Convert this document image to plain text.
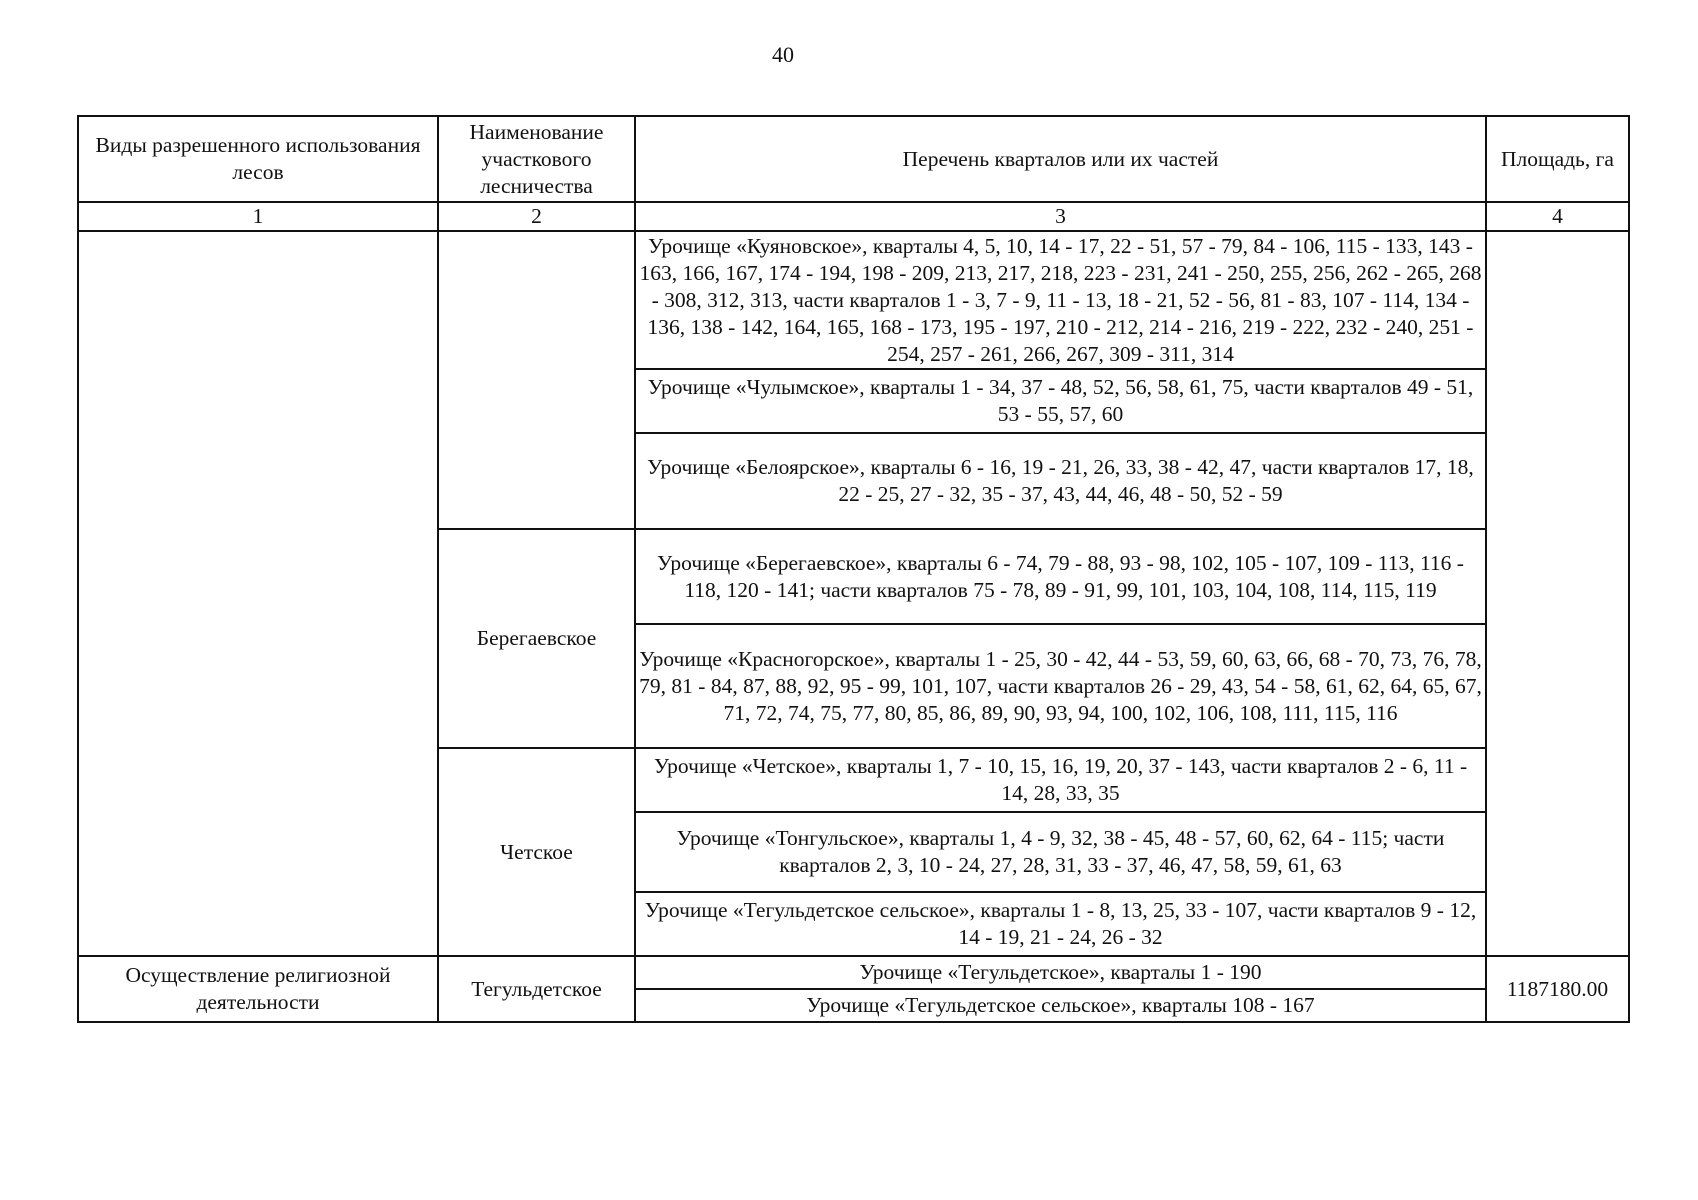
40
Виды разрешенного использования лесов	Наименование участкового лесничества	Перечень кварталов или их частей	Площадь, га
1	2	3	4
		Урочище «Куяновское», кварталы 4, 5, 10, 14 - 17, 22 - 51, 57 - 79, 84 - 106, 115 - 133, 143 - 163, 166, 167, 174 - 194, 198 - 209, 213, 217, 218, 223 - 231, 241 - 250, 255, 256, 262 - 265, 268 - 308, 312, 313, части кварталов 1 - 3, 7 - 9, 11 - 13, 18 - 21, 52 - 56, 81 - 83, 107 - 114, 134 - 136, 138 - 142, 164, 165, 168 - 173, 195 - 197, 210 - 212, 214 - 216, 219 - 222, 232 - 240, 251 - 254, 257 - 261, 266, 267, 309 - 311, 314	
		Урочище «Чулымское», кварталы 1 - 34, 37 - 48, 52, 56, 58, 61, 75, части кварталов 49 - 51, 53 - 55, 57, 60	
		Урочище «Белоярское», кварталы 6 - 16, 19 - 21, 26, 33, 38 - 42, 47, части кварталов 17, 18, 22 - 25, 27 - 32, 35 - 37, 43, 44, 46, 48 - 50, 52 - 59	
	Берегаевское	Урочище «Берегаевское», кварталы 6 - 74, 79 - 88, 93 - 98, 102, 105 - 107, 109 - 113, 116 - 118, 120 - 141; части кварталов 75 - 78, 89 - 91, 99, 101, 103, 104, 108, 114, 115, 119	
		Урочище «Красногорское», кварталы 1 - 25, 30 - 42, 44 - 53, 59, 60, 63, 66, 68 - 70, 73, 76, 78, 79, 81 - 84, 87, 88, 92, 95 - 99, 101, 107, части кварталов 26 - 29, 43, 54 - 58, 61, 62, 64, 65, 67, 71, 72, 74, 75, 77, 80, 85, 86, 89, 90, 93, 94, 100, 102, 106, 108, 111, 115, 116	
	Четское	Урочище «Четское», кварталы 1, 7 - 10, 15, 16, 19, 20, 37 - 143, части кварталов 2 - 6, 11 - 14, 28, 33, 35	
		Урочище «Тонгульское», кварталы 1, 4 - 9, 32, 38 - 45, 48 - 57, 60, 62, 64 - 115; части кварталов 2, 3, 10 - 24, 27, 28, 31, 33 - 37, 46, 47, 58, 59, 61, 63	
		Урочище «Тегульдетское сельское», кварталы 1 - 8, 13, 25, 33 - 107, части кварталов 9 - 12, 14 - 19, 21 - 24, 26 - 32	
Осуществление религиозной деятельности	Тегульдетское	Урочище «Тегульдетское», кварталы 1 - 190	1187180.00
		Урочище «Тегульдетское сельское», кварталы 108 - 167	
